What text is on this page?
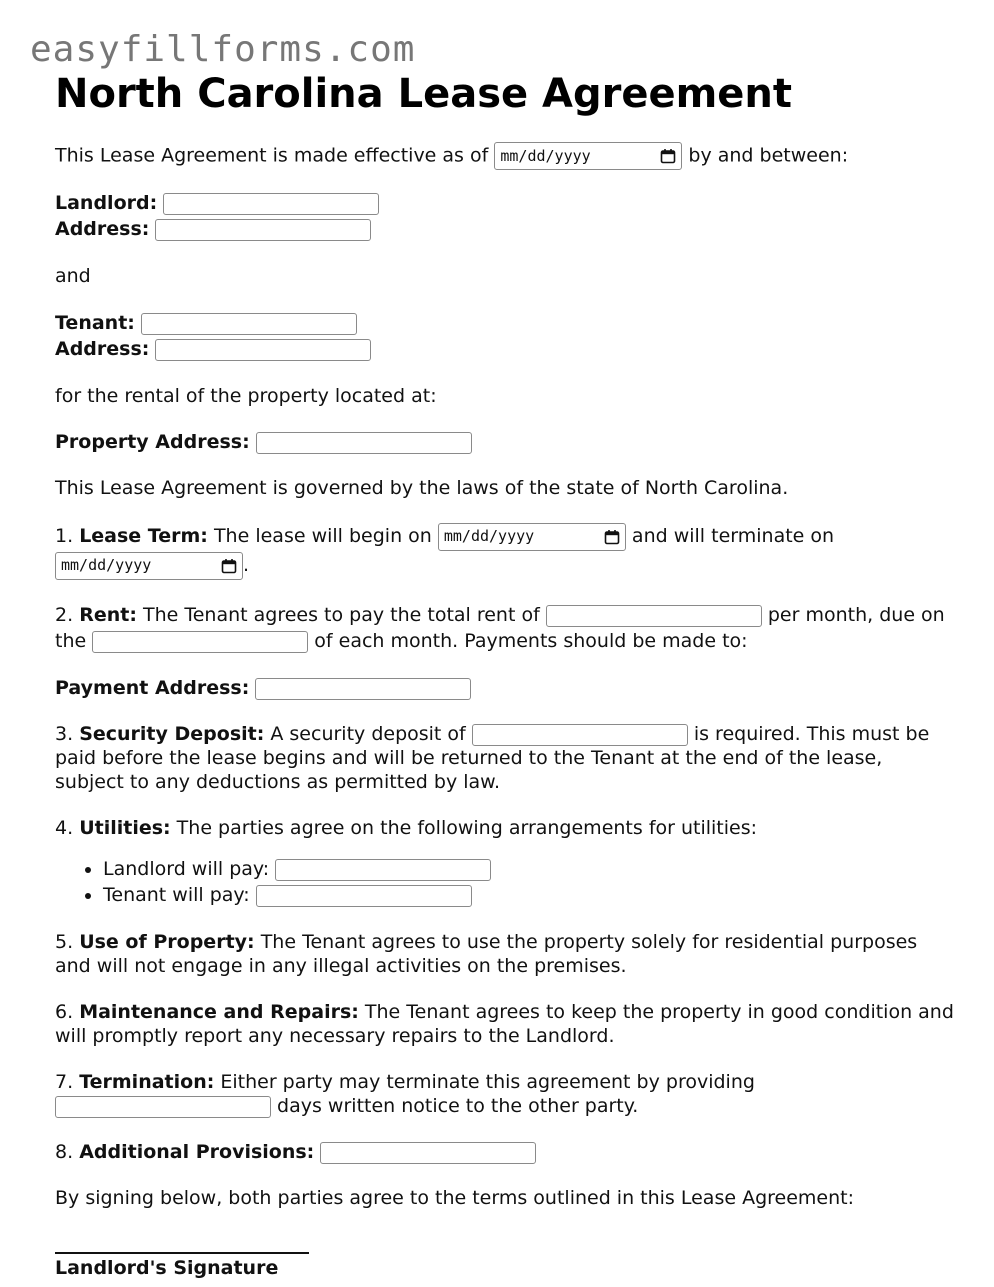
easyfillforms.com
North Carolina Lease Agreement

This Lease Agreement is made effective as of mm/dd/yyyy	by and between:

Landlord:
Address:

and

Tenant:
Address:

for the rental of the property located at:

Property Address:

This Lease Agreement is governed by the laws of the state of North Carolina.

1. Lease Term: The lease will begin on mm/dd/yyyy	and will terminate on
mm/dd/yyyy	.

2. Rent: The Tenant agrees to pay the total rent of	per month, due on the	of each month. Payments should be made to:

Payment Address:

3. Security Deposit: A security deposit of	is required. This must be paid before the lease begins and will be returned to the Tenant at the end of the lease, subject to any deductions as permitted by law.

4. Utilities: The parties agree on the following arrangements for utilities:

• Landlord will pay:
• Tenant will pay:

5. Use of Property: The Tenant agrees to use the property solely for residential purposes and will not engage in any illegal activities on the premises.

6. Maintenance and Repairs: The Tenant agrees to keep the property in good condition and will promptly report any necessary repairs to the Landlord.

7. Termination: Either party may terminate this agreement by providing
days written notice to the other party.

8. Additional Provisions:

By signing below, both parties agree to the terms outlined in this Lease Agreement:

Landlord's Signature
